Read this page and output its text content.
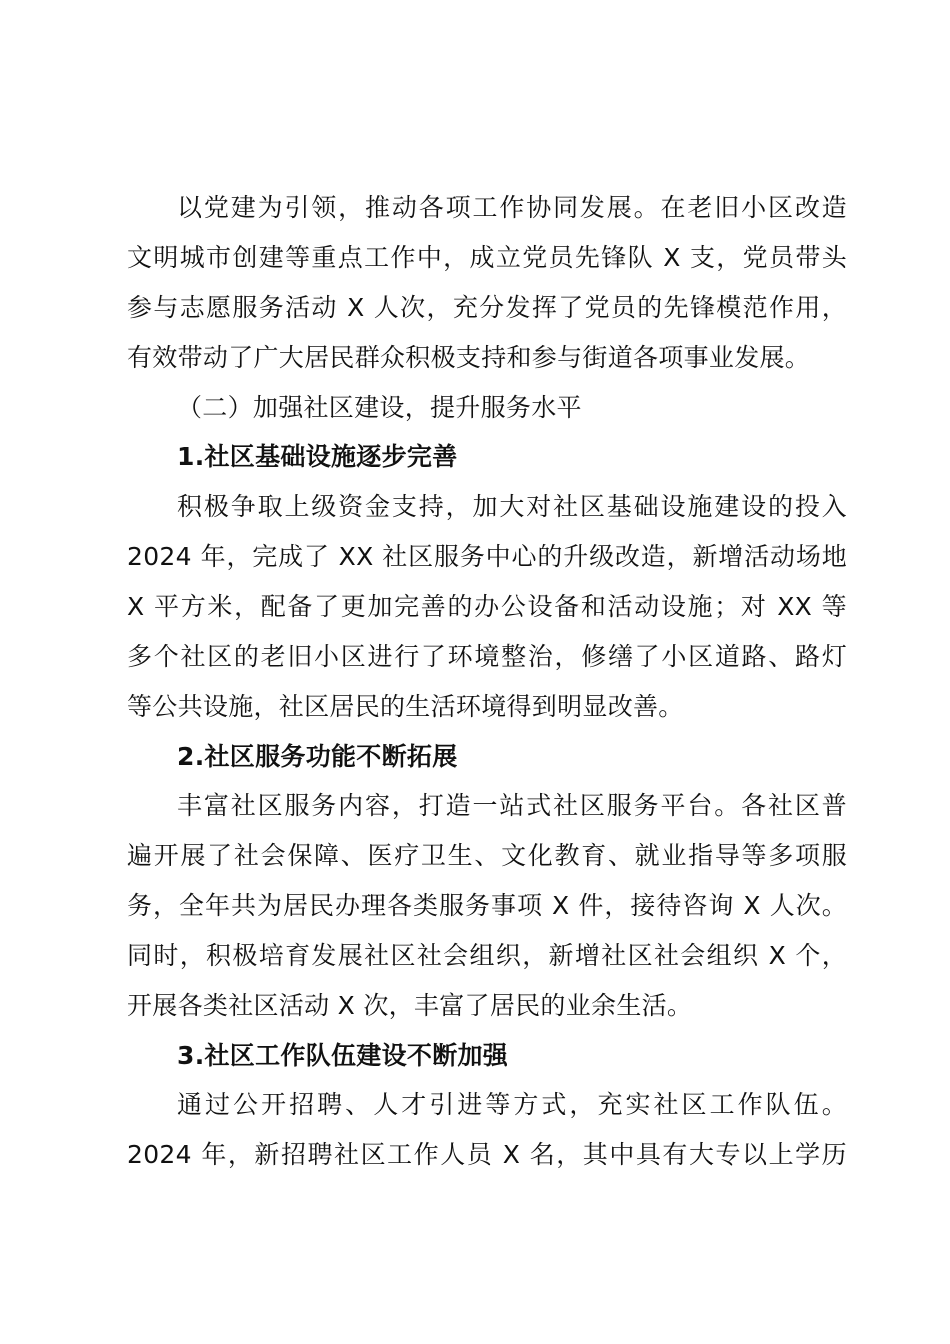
以党建为引领，推动各项工作协同发展。在老旧小区改造
文明城市创建等重点工作中，成立党员先锋队 X 支，党员带头
参与志愿服务活动 X 人次，充分发挥了党员的先锋模范作用，
有效带动了广大居民群众积极支持和参与街道各项事业发展。
（二）加强社区建设，提升服务水平
1.社区基础设施逐步完善
积极争取上级资金支持，加大对社区基础设施建设的投入
2024 年，完成了 XX 社区服务中心的升级改造，新增活动场地
X 平方米，配备了更加完善的办公设备和活动设施；对 XX 等
多个社区的老旧小区进行了环境整治，修缮了小区道路、路灯
等公共设施，社区居民的生活环境得到明显改善。
2.社区服务功能不断拓展
丰富社区服务内容，打造一站式社区服务平台。各社区普
遍开展了社会保障、医疗卫生、文化教育、就业指导等多项服
务，全年共为居民办理各类服务事项 X 件，接待咨询 X 人次。
同时，积极培育发展社区社会组织，新增社区社会组织 X 个，
开展各类社区活动 X 次，丰富了居民的业余生活。
3.社区工作队伍建设不断加强
通过公开招聘、人才引进等方式，充实社区工作队伍。
2024 年，新招聘社区工作人员 X 名，其中具有大专以上学历
